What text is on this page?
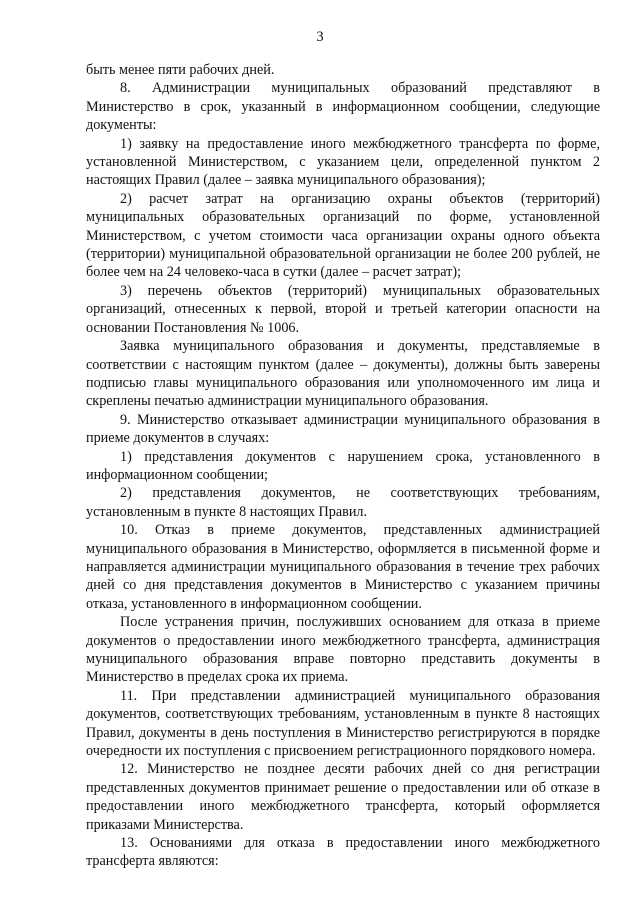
3

быть менее пяти рабочих дней.

8. Администрации муниципальных образований представляют в Министерство в срок, указанный в информационном сообщении, следующие документы:

1) заявку на предоставление иного межбюджетного трансферта по форме, установленной Министерством, с указанием цели, определенной пунктом 2 настоящих Правил (далее – заявка муниципального образования);

2) расчет затрат на организацию охраны объектов (территорий) муниципальных образовательных организаций по форме, установленной Министерством, с учетом стоимости часа организации охраны одного объекта (территории) муниципальной образовательной организации не более 200 рублей, не более чем на 24 человеко-часа в сутки (далее – расчет затрат);

3) перечень объектов (территорий) муниципальных образовательных организаций, отнесенных к первой, второй и третьей категории опасности на основании Постановления № 1006.

Заявка муниципального образования и документы, представляемые в соответствии с настоящим пунктом (далее – документы), должны быть заверены подписью главы муниципального образования или уполномоченного им лица и скреплены печатью администрации муниципального образования.

9. Министерство отказывает администрации муниципального образования в приеме документов в случаях:

1) представления документов с нарушением срока, установленного в информационном сообщении;

2) представления документов, не соответствующих требованиям, установленным в пункте 8 настоящих Правил.

10. Отказ в приеме документов, представленных администрацией муниципального образования в Министерство, оформляется в письменной форме и направляется администрации муниципального образования в течение трех рабочих дней со дня представления документов в Министерство с указанием причины отказа, установленного в информационном сообщении.

После устранения причин, послуживших основанием для отказа в приеме документов о предоставлении иного межбюджетного трансферта, администрация муниципального образования вправе повторно представить документы в Министерство в пределах срока их приема.

11. При представлении администрацией муниципального образования документов, соответствующих требованиям, установленным в пункте 8 настоящих Правил, документы в день поступления в Министерство регистрируются в порядке очередности их поступления с присвоением регистрационного порядкового номера.

12. Министерство не позднее десяти рабочих дней со дня регистрации представленных документов принимает решение о предоставлении или об отказе в предоставлении иного межбюджетного трансферта, который оформляется приказами Министерства.

13. Основаниями для отказа в предоставлении иного межбюджетного трансферта являются:
